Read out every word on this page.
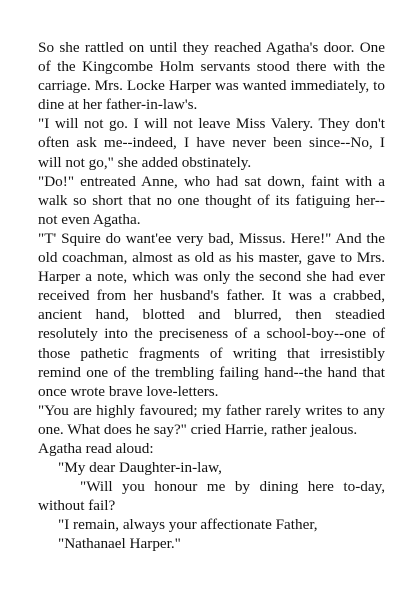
So she rattled on until they reached Agatha's door. One of the Kingcombe Holm servants stood there with the carriage. Mrs. Locke Harper was wanted immediately, to dine at her father-in-law's.

"I will not go. I will not leave Miss Valery. They don't often ask me--indeed, I have never been since--No, I will not go," she added obstinately.

"Do!" entreated Anne, who had sat down, faint with a walk so short that no one thought of its fatiguing her--not even Agatha.

"T' Squire do want'ee very bad, Missus. Here!" And the old coachman, almost as old as his master, gave to Mrs. Harper a note, which was only the second she had ever received from her husband's father. It was a crabbed, ancient hand, blotted and blurred, then steadied resolutely into the preciseness of a school-boy--one of those pathetic fragments of writing that irresistibly remind one of the trembling failing hand--the hand that once wrote brave love-letters.

"You are highly favoured; my father rarely writes to any one. What does he say?" cried Harrie, rather jealous.

Agatha read aloud:

"My dear Daughter-in-law,

"Will you honour me by dining here to-day, without fail?

"I remain, always your affectionate Father,

"Nathanael Harper."
